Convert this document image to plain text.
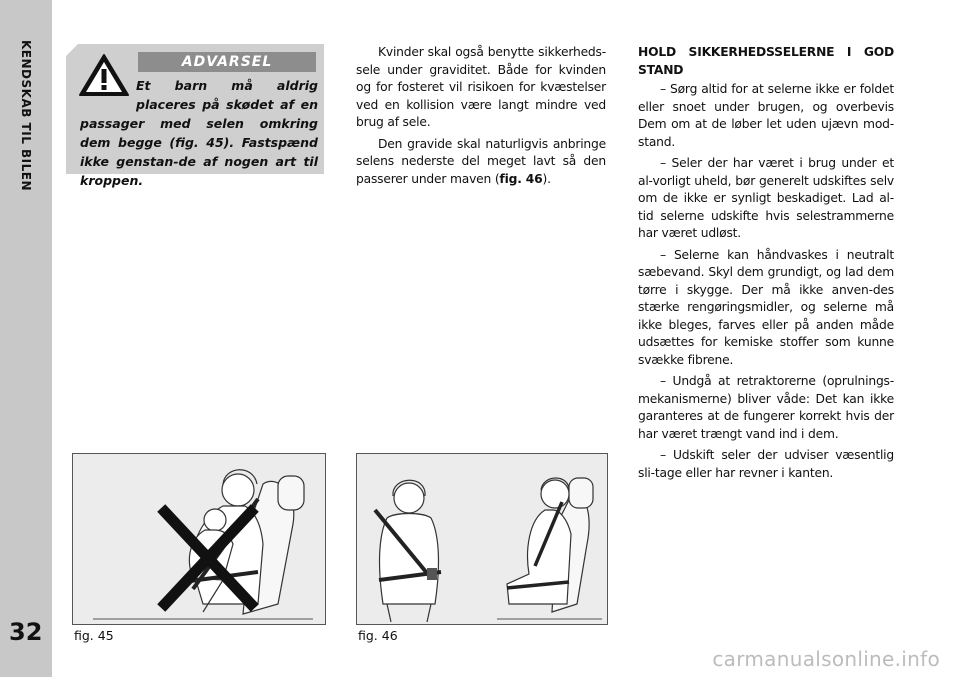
KENDSKAB TIL BILEN
32
ADVARSEL
Et barn må aldrig placeres på skødet af en passager med selen omkring dem begge (fig. 45). Fastspænd ikke genstan-de af nogen art til kroppen.

Kvinder skal også benytte sikkerheds-sele under graviditet. Både for kvinden og for fosteret vil risikoen for kvæstelser ved en kollision være langt mindre ved brug af sele.

Den gravide skal naturligvis anbringe selens nederste del meget lavt så den passerer under maven (fig. 46).

HOLD SIKKERHEDSSELERNE I GOD STAND

– Sørg altid for at selerne ikke er foldet eller snoet under brugen, og overbevis Dem om at de løber let uden ujævn mod-stand.

– Seler der har været i brug under et al-vorligt uheld, bør generelt udskiftes selv om de ikke er synligt beskadiget. Lad al-tid selerne udskifte hvis selestrammerne har været udløst.

– Selerne kan håndvaskes i neutralt sæbevand. Skyl dem grundigt, og lad dem tørre i skygge. Der må ikke anven-des stærke rengøringsmidler, og selerne må ikke bleges, farves eller på anden måde udsættes for kemiske stoffer som kunne svække fibrene.

– Undgå at retraktorerne (oprulnings-mekanismerne) bliver våde: Det kan ikke garanteres at de fungerer korrekt hvis der har været trængt vand ind i dem.

– Udskift seler der udviser væsentlig sli-tage eller har revner i kanten.

fig. 45	fig. 46
carmanualsonline.info
